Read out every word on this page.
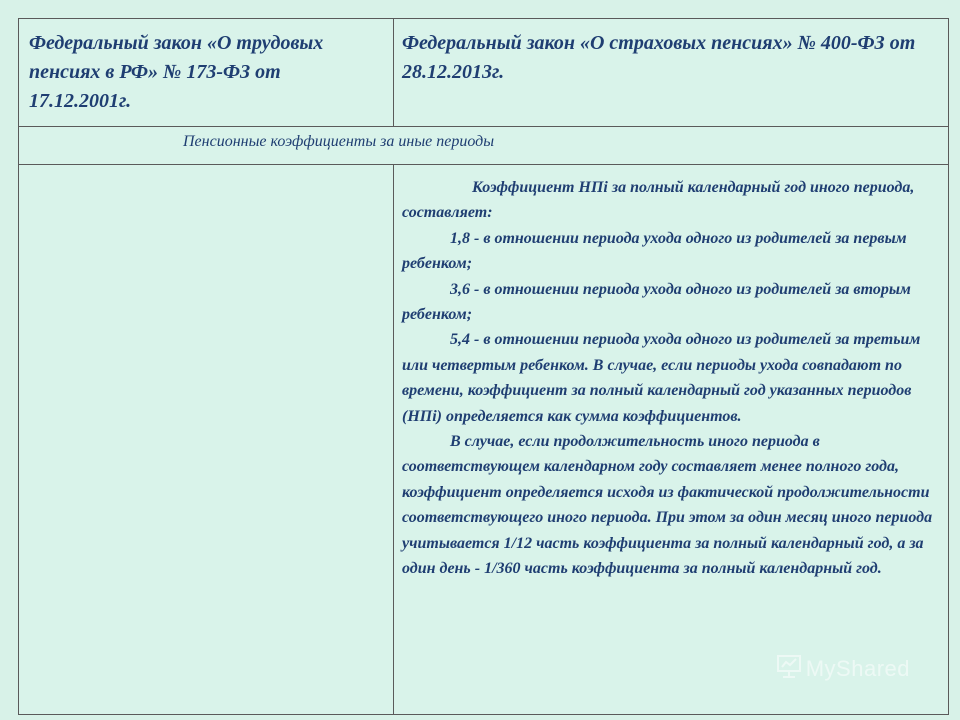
Федеральный закон «О трудовых пенсиях в РФ» № 173-ФЗ от 17.12.2001г.
Федеральный закон «О страховых пенсиях» № 400-ФЗ от 28.12.2013г.
Пенсионные коэффициенты за иные периоды

Коэффициент НПi за полный календарный год иного периода, составляет:

1,8 - в отношении периода ухода одного из родителей за первым ребенком;

3,6 - в отношении периода ухода одного из родителей за вторым ребенком;

5,4 - в отношении периода ухода одного из родителей за третьим или четвертым ребенком. В случае, если периоды ухода совпадают по времени, коэффициент за полный календарный год указанных периодов (НПi) определяется как сумма коэффициентов.

В случае, если продолжительность иного периода в соответствующем календарном году составляет менее полного года, коэффициент определяется исходя из фактической продолжительности соответствующего иного периода. При этом за один месяц иного периода учитывается 1/12 часть коэффициента за полный календарный год, а за один день - 1/360 часть коэффициента за полный календарный год.

MyShared
